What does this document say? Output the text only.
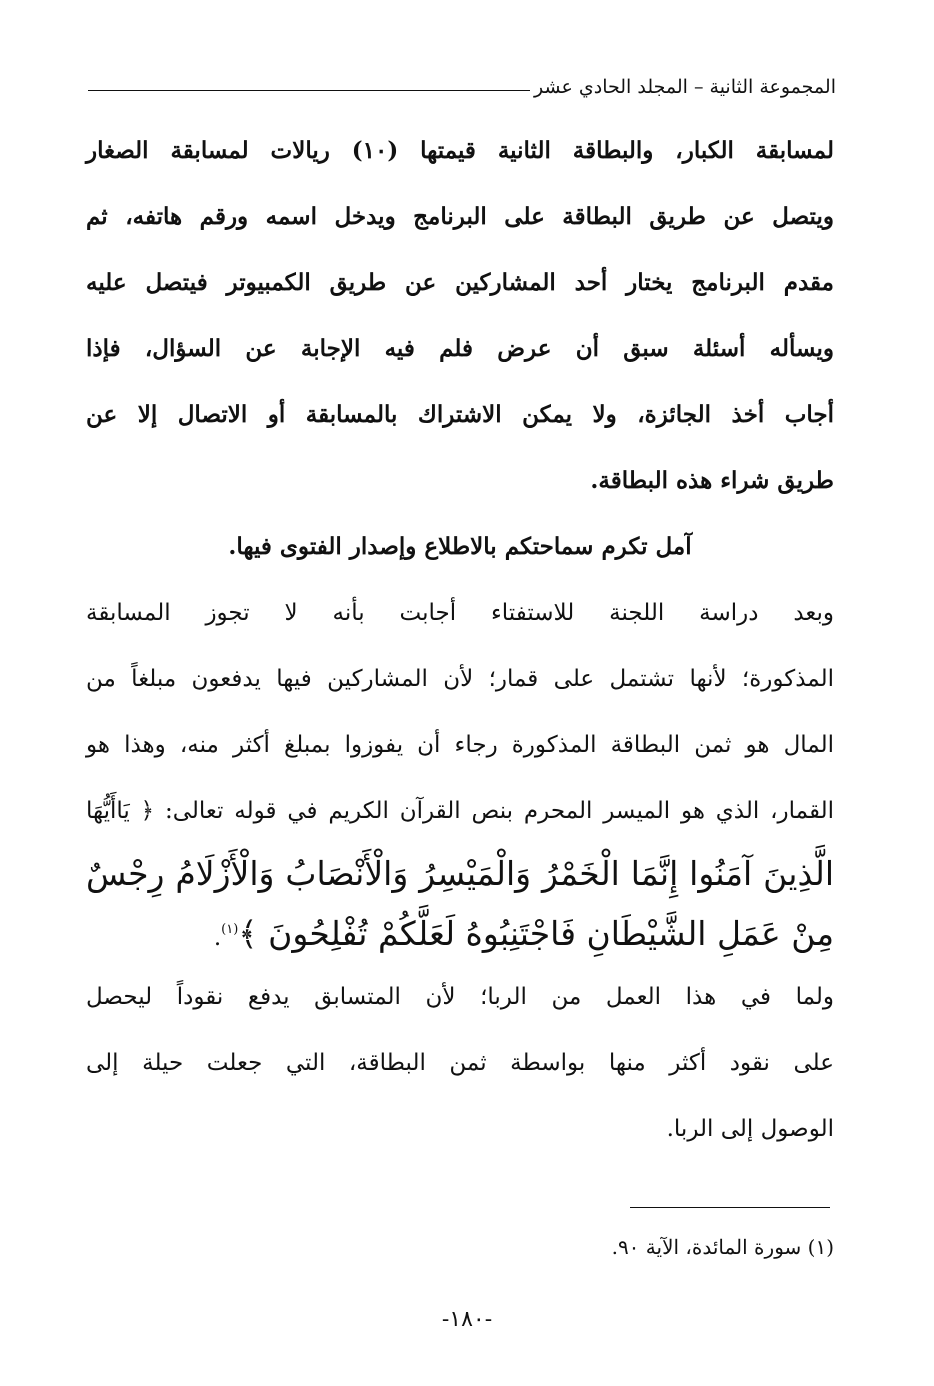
المجموعة الثانية – المجلد الحادي عشر
لمسابقة الكبار، والبطاقة الثانية قيمتها (١٠) ريالات لمسابقة الصغار
ويتصل عن طريق البطاقة على البرنامج ويدخل اسمه ورقم هاتفه، ثم
مقدم البرنامج يختار أحد المشاركين عن طريق الكمبيوتر فيتصل عليه
ويسأله أسئلة سبق أن عرض فلم فيه الإجابة عن السؤال، فإذا
أجاب أخذ الجائزة، ولا يمكن الاشتراك بالمسابقة أو الاتصال إلا عن
طريق شراء هذه البطاقة.
آمل تكرم سماحتكم بالاطلاع وإصدار الفتوى فيها.
وبعد دراسة اللجنة للاستفتاء أجابت بأنه لا تجوز المسابقة
المذكورة؛ لأنها تشتمل على قمار؛ لأن المشاركين فيها يدفعون مبلغاً من
المال هو ثمن البطاقة المذكورة رجاء أن يفوزوا بمبلغ أكثر منه، وهذا هو
القمار، الذي هو الميسر المحرم بنص القرآن الكريم في قوله تعالى: ﴿ يَاأَيُّهَا
الَّذِينَ آمَنُوا إِنَّمَا الْخَمْرُ وَالْمَيْسِرُ وَالْأَنْصَابُ وَالْأَزْلَامُ رِجْسٌ
مِنْ عَمَلِ الشَّيْطَانِ فَاجْتَنِبُوهُ لَعَلَّكُمْ تُفْلِحُونَ ﴾$^{(١)}$.
ولما في هذا العمل من الربا؛ لأن المتسابق يدفع نقوداً ليحصل
على نقود أكثر منها بواسطة ثمن البطاقة، التي جعلت حيلة إلى
الوصول إلى الربا.
(١) سورة المائدة، الآية ٩٠.
-١٨٠-
